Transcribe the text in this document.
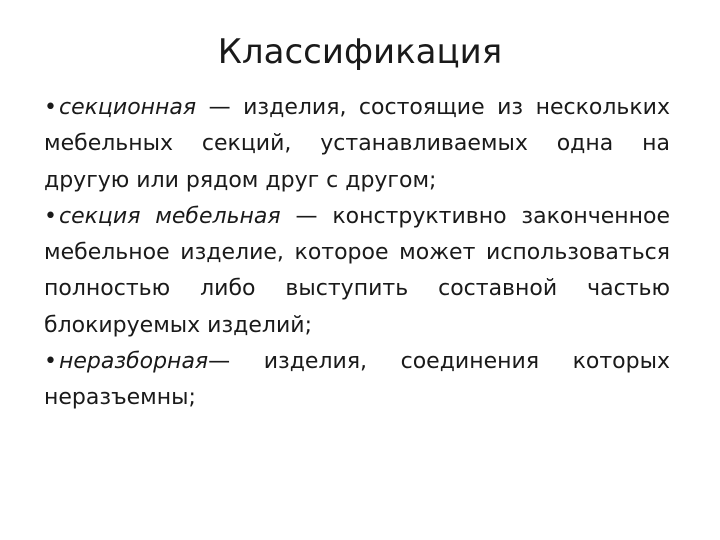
Классификация

•секционная — изделия, состоящие из нескольких мебельных секций, устанавливаемых одна на другую или рядом друг с другом;

•секция мебельная — конструктивно законченное мебельное изделие, которое может использоваться полностью либо выступить составной частью блокируемых изделий;

•неразборная— изделия, соединения которых неразъемны;
